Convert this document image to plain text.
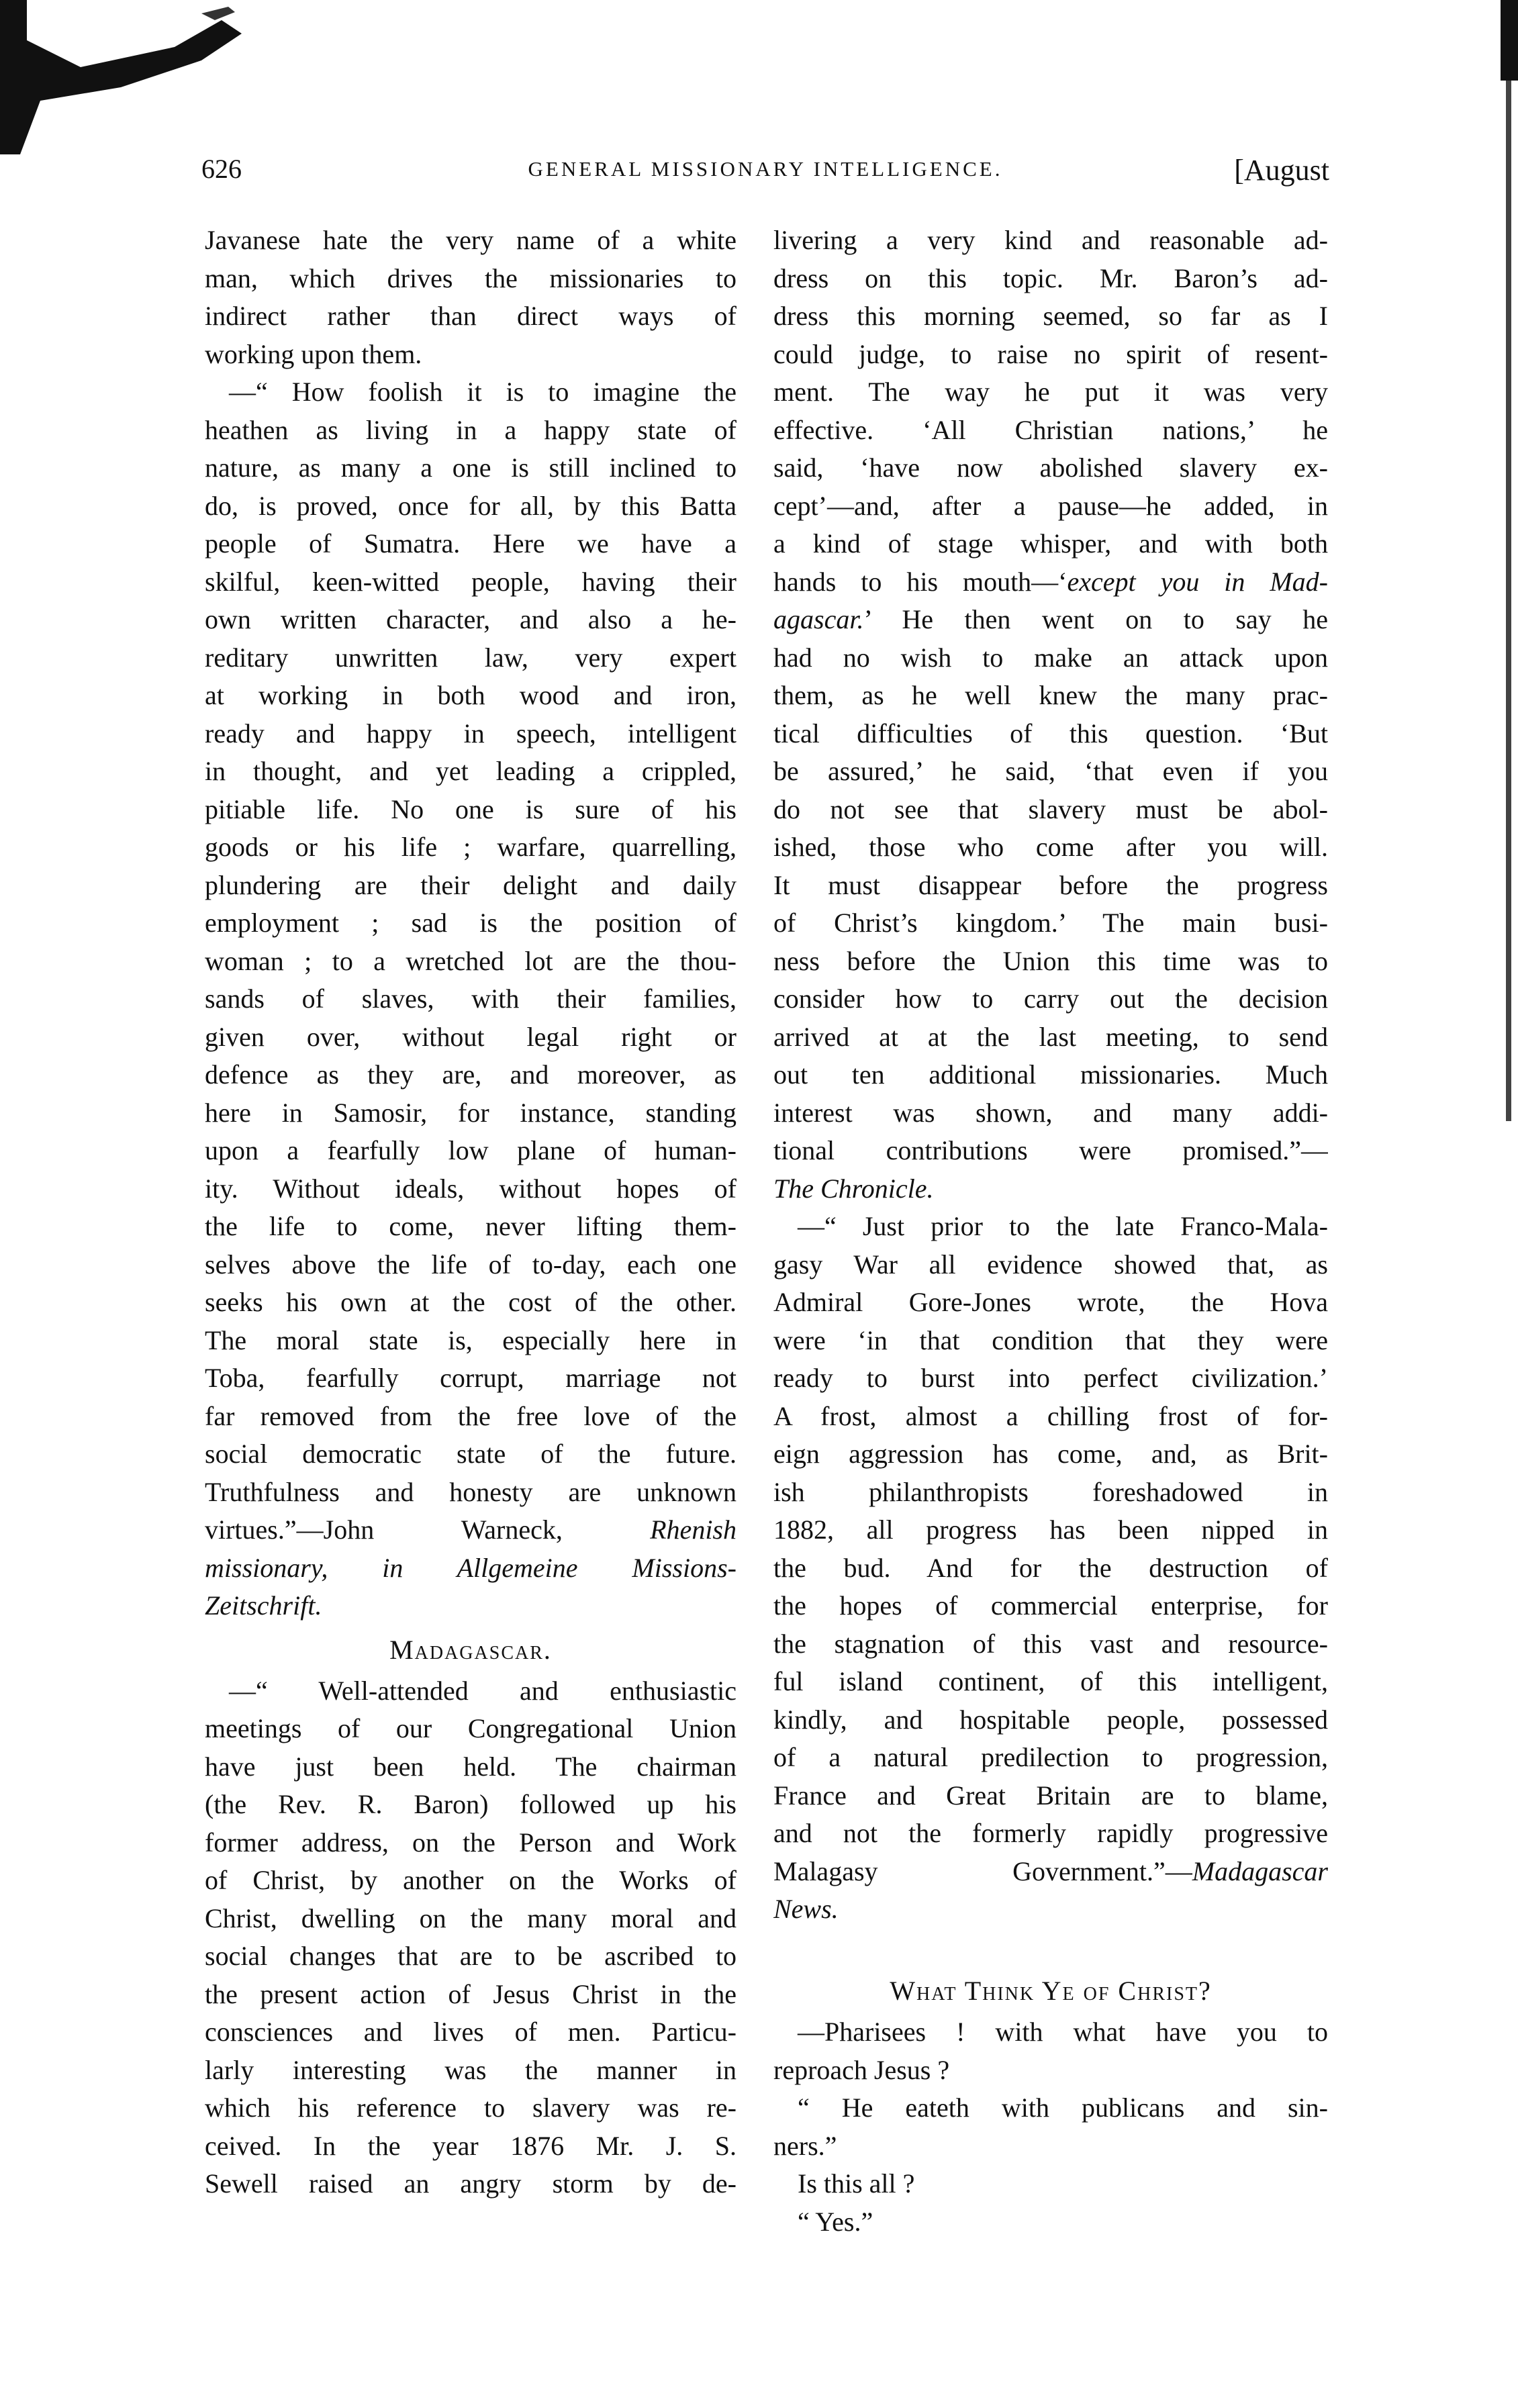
626	GENERAL MISSIONARY INTELLIGENCE.	[August
Javanese hate the very name of a white
man, which drives the missionaries to
indirect rather than direct ways of
working upon them.
—“ How foolish it is to imagine the
heathen as living in a happy state of
nature, as many a one is still inclined to
do, is proved, once for all, by this Batta
people of Sumatra. Here we have a
skilful, keen-witted people, having their
own written character, and also a he-
reditary unwritten law, very expert
at working in both wood and iron,
ready and happy in speech, intelligent
in thought, and yet leading a crippled,
pitiable life. No one is sure of his
goods or his life ; warfare, quarrelling,
plundering are their delight and daily
employment ; sad is the position of
woman ; to a wretched lot are the thou-
sands of slaves, with their families,
given over, without legal right or
defence as they are, and moreover, as
here in Samosir, for instance, standing
upon a fearfully low plane of human-
ity. Without ideals, without hopes of
the life to come, never lifting them-
selves above the life of to-day, each one
seeks his own at the cost of the other.
The moral state is, especially here in
Toba, fearfully corrupt, marriage not
far removed from the free love of the
social democratic state of the future.
Truthfulness and honesty are unknown
virtues.”—John Warneck, Rhenish
missionary, in Allgemeine Missions-
Zeitschrift.
Madagascar.
—“ Well-attended and enthusiastic
meetings of our Congregational Union
have just been held. The chairman
(the Rev. R. Baron) followed up his
former address, on the Person and Work
of Christ, by another on the Works of
Christ, dwelling on the many moral and
social changes that are to be ascribed to
the present action of Jesus Christ in the
consciences and lives of men. Particu-
larly interesting was the manner in
which his reference to slavery was re-
ceived. In the year 1876 Mr. J. S.
Sewell raised an angry storm by de-
livering a very kind and reasonable ad-
dress on this topic. Mr. Baron’s ad-
dress this morning seemed, so far as I
could judge, to raise no spirit of resent-
ment. The way he put it was very
effective. ‘All Christian nations,’ he
said, ‘have now abolished slavery ex-
cept’—and, after a pause—he added, in
a kind of stage whisper, and with both
hands to his mouth—‘except you in Mad-
agascar.’ He then went on to say he
had no wish to make an attack upon
them, as he well knew the many prac-
tical difficulties of this question. ‘But
be assured,’ he said, ‘that even if you
do not see that slavery must be abol-
ished, those who come after you will.
It must disappear before the progress
of Christ’s kingdom.’ The main busi-
ness before the Union this time was to
consider how to carry out the decision
arrived at at the last meeting, to send
out ten additional missionaries. Much
interest was shown, and many addi-
tional contributions were promised.”—
The Chronicle.
—“ Just prior to the late Franco-Mala-
gasy War all evidence showed that, as
Admiral Gore-Jones wrote, the Hova
were ‘in that condition that they were
ready to burst into perfect civilization.’
A frost, almost a chilling frost of for-
eign aggression has come, and, as Brit-
ish philanthropists foreshadowed in
1882, all progress has been nipped in
the bud. And for the destruction of
the hopes of commercial enterprise, for
the stagnation of this vast and resource-
ful island continent, of this intelligent,
kindly, and hospitable people, possessed
of a natural predilection to progression,
France and Great Britain are to blame,
and not the formerly rapidly progressive
Malagasy Government.”—Madagascar
News.
What Think Ye of Christ?
—Pharisees ! with what have you to
reproach Jesus ?
“ He eateth with publicans and sin-
ners.”
Is this all ?
“ Yes.”
